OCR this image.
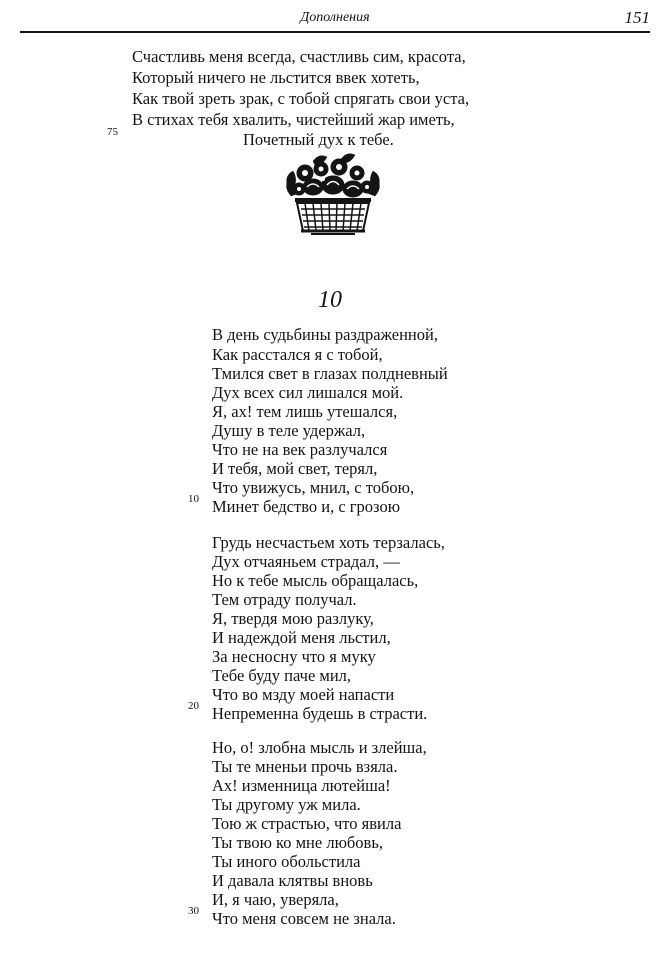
Дополнения	151
Счастливь меня всегда, счастливь сим, красота,
Который ничего не льстится ввек хотеть,
Как твой зреть зрак, с тобой спрягать свои уста,
В стихах тебя хвалить, чистейший жар иметь,
Почетный дух к тебе.
75
10
В день судьбины раздраженной,
Как расстался я с тобой,
Тмился свет в глазах полдневный
Дух всех сил лишался мой.
Я, ах! тем лишь утешался,
Душу в теле удержал,
Что не на век разлучался
И тебя, мой свет, терял,
Что увижусь, мнил, с тобою,
Минет бедство и, с грозою
10
Грудь несчастьем хоть терзалась,
Дух отчаяньем страдал, —
Но к тебе мысль обращалась,
Тем отраду получал.
Я, твердя мою разлуку,
И надеждой меня льстил,
За несносну что я муку
Тебе буду паче мил,
Что во мзду моей напасти
Непременна будешь в страсти.
20
Но, о! злобна мысль и злейша,
Ты те мненьи прочь взяла.
Ах! изменница лютейша!
Ты другому уж мила.
Тою ж страстью, что явила
Ты твою ко мне любовь,
Ты иного обольстила
И давала клятвы вновь
И, я чаю, уверяла,
Что меня совсем не знала.
30
